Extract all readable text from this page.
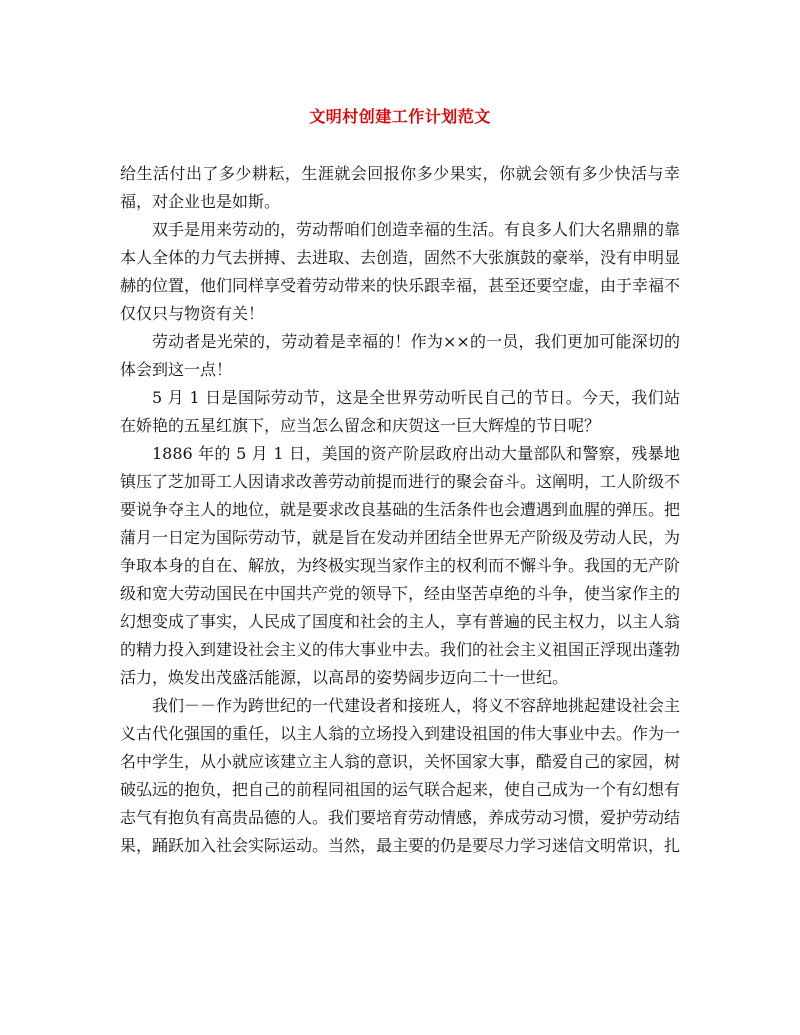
文明村创建工作计划范文

给生活付出了多少耕耘，生涯就会回报你多少果实，你就会领有多少快活与幸福，对企业也是如斯。

双手是用来劳动的，劳动帮咱们创造幸福的生活。有良多人们大名鼎鼎的靠本人全体的力气去拼搏、去进取、去创造，固然不大张旗鼓的豪举，没有申明显赫的位置，他们同样享受着劳动带来的快乐跟幸福，甚至还要空虚，由于幸福不仅仅只与物资有关！

劳动者是光荣的，劳动着是幸福的！作为××的一员，我们更加可能深切的体会到这一点！

5 月 1 日是国际劳动节，这是全世界劳动听民自己的节日。今天，我们站在娇艳的五星红旗下，应当怎么留念和庆贺这一巨大辉煌的节日呢？

1886 年的 5 月 1 日，美国的资产阶层政府出动大量部队和警察，残暴地镇压了芝加哥工人因请求改善劳动前提而进行的聚会奋斗。这阐明，工人阶级不要说争夺主人的地位，就是要求改良基础的生活条件也会遭遇到血腥的弹压。把蒲月一日定为国际劳动节，就是旨在发动并团结全世界无产阶级及劳动人民，为争取本身的自在、解放，为终极实现当家作主的权利而不懈斗争。我国的无产阶级和宽大劳动国民在中国共产党的领导下，经由坚苦卓绝的斗争，使当家作主的幻想变成了事实，人民成了国度和社会的主人，享有普遍的民主权力，以主人翁的精力投入到建设社会主义的伟大事业中去。我们的社会主义祖国正浮现出蓬勃活力，焕发出茂盛活能源，以高昂的姿势阔步迈向二十一世纪。

我们－－作为跨世纪的一代建设者和接班人，将义不容辞地挑起建设社会主义古代化强国的重任，以主人翁的立场投入到建设祖国的伟大事业中去。作为一名中学生，从小就应该建立主人翁的意识，关怀国家大事，酷爱自己的家园，树破弘远的抱负，把自己的前程同祖国的运气联合起来，使自己成为一个有幻想有志气有抱负有高贵品德的人。我们要培育劳动情感，养成劳动习惯，爱护劳动结果，踊跃加入社会实际运动。当然，最主要的仍是要尽力学习迷信文明常识，扎
